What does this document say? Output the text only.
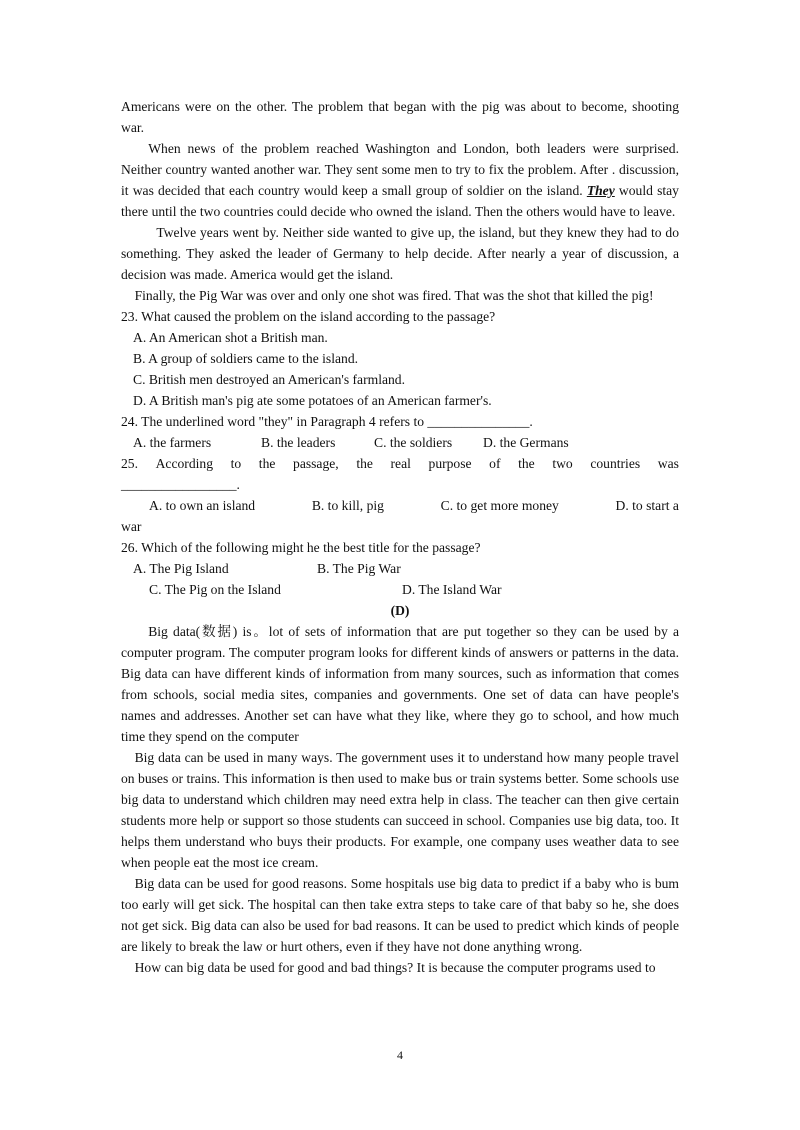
Americans were on the other. The problem that began with the pig was about to become, shooting war.

When news of the problem reached Washington and London, both leaders were surprised. Neither country wanted another war. They sent some men to try to fix the problem. After . discussion, it was decided that each country would keep a small group of soldier on the island. They would stay there until the two countries could decide who owned the island. Then the others would have to leave.

Twelve years went by. Neither side wanted to give up, the island, but they knew they had to do something. They asked the leader of Germany to help decide. After nearly a year of discussion, a decision was made. America would get the island.

Finally, the Pig War was over and only one shot was fired. That was the shot that killed the pig!

23. What caused the problem on the island according to the passage?

A. An American shot a British man.

B. A group of soldiers came to the island.

C. British men destroyed an American's farmland.

D. A British man's pig ate some potatoes of an American farmer's.

24. The underlined word "they" in Paragraph 4 refers to _______________.

A. the farmers	B. the leaders	C. the soldiers	D. the Germans
25. According to the passage, the real purpose of the two countries was

_________________.

A. to own an island	B. to kill, pig	C. to get more money	D. to start a

war

26. Which of the following might he the best title for the passage?

A. The Pig Island	B. The Pig War
C. The Pig on the Island	D. The Island War

(D)

Big data(数据) is。lot of sets of information that are put together so they can be used by a computer program. The computer program looks for different kinds of answers or patterns in the data. Big data can have different kinds of information from many sources, such as information that comes from schools, social media sites, companies and governments. One set of data can have people's names and addresses. Another set can have what they like, where they go to school, and how much time they spend on the computer

Big data can be used in many ways. The government uses it to understand how many people travel on buses or trains. This information is then used to make bus or train systems better. Some schools use big data to understand which children may need extra help in class. The teacher can then give certain students more help or support so those students can succeed in school. Companies use big data, too. It helps them understand who buys their products. For example, one company uses weather data to see when people eat the most ice cream.

Big data can be used for good reasons. Some hospitals use big data to predict if a baby who is bum too early will get sick. The hospital can then take extra steps to take care of that baby so he, she does not get sick. Big data can also be used for bad reasons. It can be used to predict which kinds of people are likely to break the law or hurt others, even if they have not done anything wrong.

How can big data be used for good and bad things? It is because the computer programs used to

4
